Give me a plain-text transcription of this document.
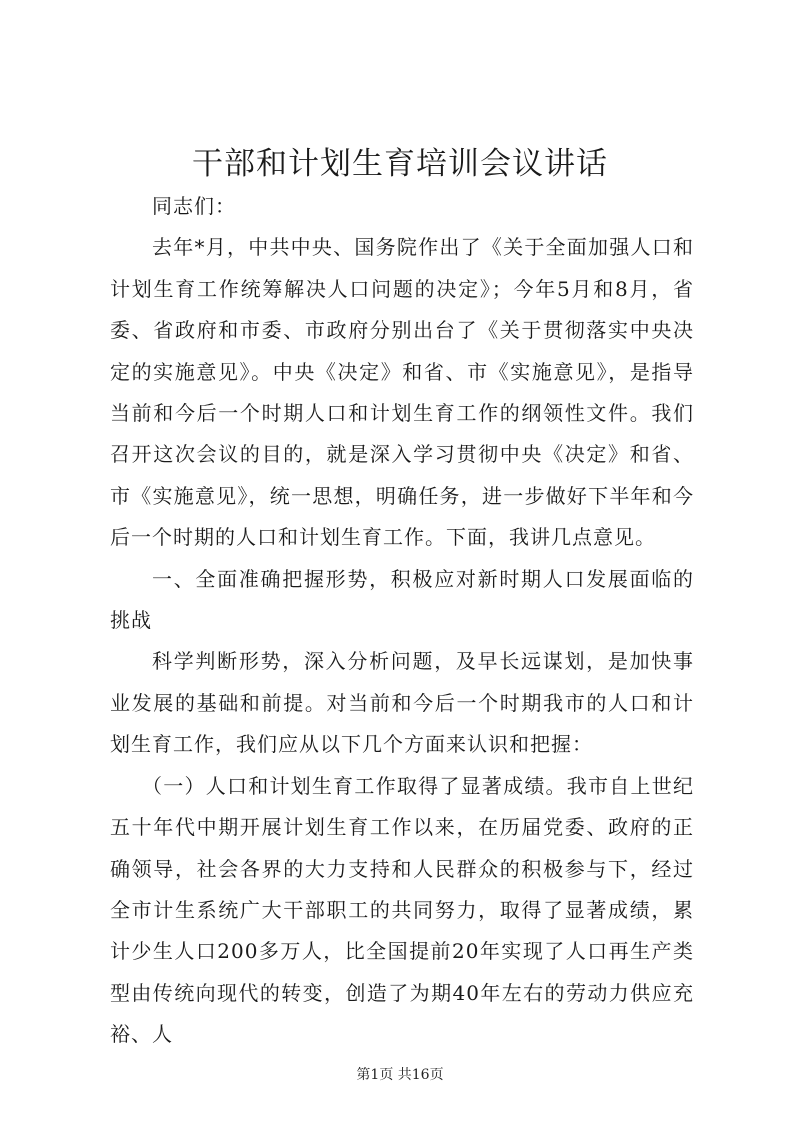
干部和计划生育培训会议讲话

同志们：

去年*月，中共中央、国务院作出了《关于全面加强人口和计划生育工作统筹解决人口问题的决定》；今年5月和8月，省委、省政府和市委、市政府分别出台了《关于贯彻落实中央决定的实施意见》。中央《决定》和省、市《实施意见》，是指导当前和今后一个时期人口和计划生育工作的纲领性文件。我们召开这次会议的目的，就是深入学习贯彻中央《决定》和省、市《实施意见》，统一思想，明确任务，进一步做好下半年和今后一个时期的人口和计划生育工作。下面，我讲几点意见。

一、全面准确把握形势，积极应对新时期人口发展面临的挑战

科学判断形势，深入分析问题，及早长远谋划，是加快事业发展的基础和前提。对当前和今后一个时期我市的人口和计划生育工作，我们应从以下几个方面来认识和把握：

（一）人口和计划生育工作取得了显著成绩。我市自上世纪五十年代中期开展计划生育工作以来，在历届党委、政府的正确领导，社会各界的大力支持和人民群众的积极参与下，经过全市计生系统广大干部职工的共同努力，取得了显著成绩，累计少生人口200多万人，比全国提前20年实现了人口再生产类型由传统向现代的转变，创造了为期40年左右的劳动力供应充裕、人

第1页 共16页
